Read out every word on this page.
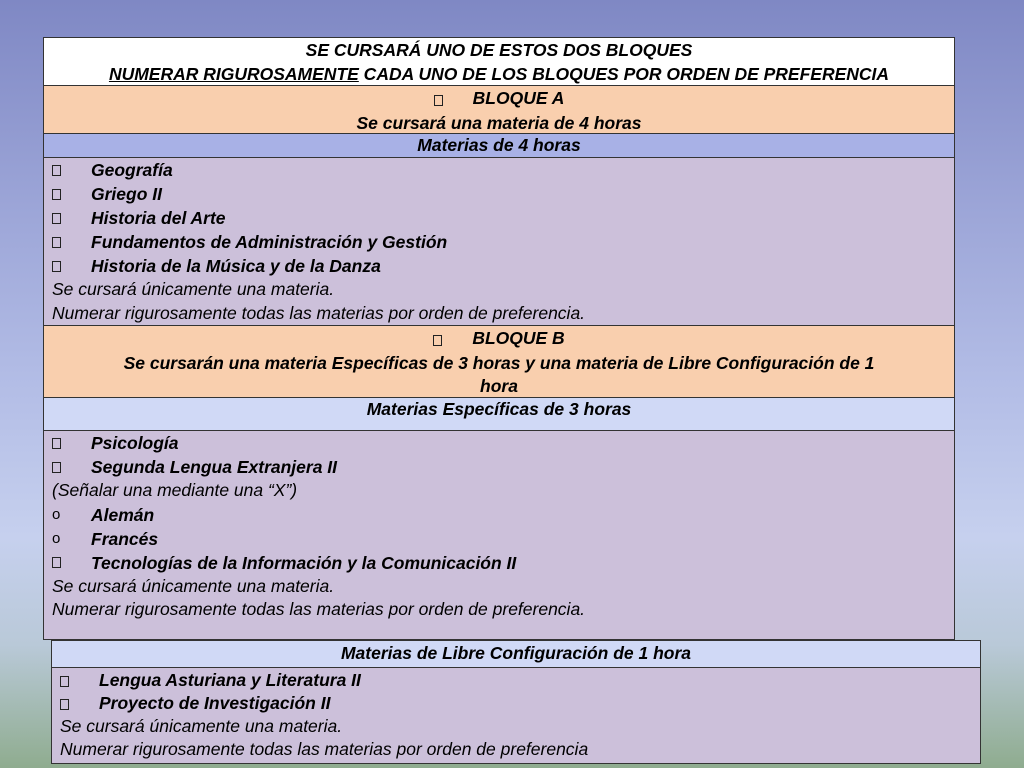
SE CURSARÁ UNO DE ESTOS DOS BLOQUES
NUMERAR RIGUROSAMENTE CADA UNO DE LOS BLOQUES POR ORDEN DE PREFERENCIA
BLOQUE A
Se cursará una materia de 4 horas
Materias de 4 horas
Geografía
Griego II
Historia del Arte
Fundamentos de Administración y Gestión
Historia de la Música y de la Danza
Se cursará únicamente una materia.
Numerar rigurosamente todas las materias por orden de preferencia.
BLOQUE B
Se cursarán una materia Específicas de 3 horas y una materia de Libre Configuración de 1
hora
Materias Específicas de 3 horas
Psicología
Segunda Lengua Extranjera II
(Señalar una mediante una “X”)
o	Alemán
o	Francés
Tecnologías de la Información y la Comunicación II
Se cursará únicamente una materia.
Numerar rigurosamente todas las materias por orden de preferencia.
Materias de Libre Configuración de 1 hora
Lengua Asturiana y Literatura II
Proyecto de Investigación II
Se cursará únicamente una materia.
Numerar rigurosamente todas las materias por orden de preferencia
